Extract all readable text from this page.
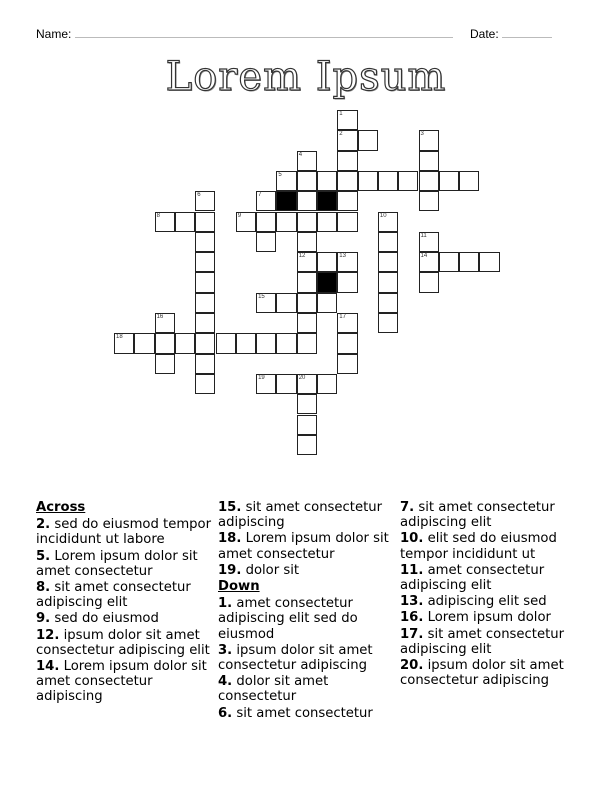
Name:	Date:
Lorem Ipsum
1
2	3
4
5
6	7
8	9	10
11
12	13	14
15
16	17
18
19	20
Across
2. sed do eiusmod tempor incididunt ut labore
5. Lorem ipsum dolor sit amet consectetur
8. sit amet consectetur adipiscing elit
9. sed do eiusmod
12. ipsum dolor sit amet consectetur adipiscing elit
14. Lorem ipsum dolor sit amet consectetur adipiscing
15. sit amet consectetur adipiscing
18. Lorem ipsum dolor sit amet consectetur
19. dolor sit
Down
1. amet consectetur adipiscing elit sed do eiusmod
3. ipsum dolor sit amet consectetur adipiscing
4. dolor sit amet consectetur
6. sit amet consectetur
7. sit amet consectetur adipiscing elit
10. elit sed do eiusmod tempor incididunt ut
11. amet consectetur adipiscing elit
13. adipiscing elit sed
16. Lorem ipsum dolor
17. sit amet consectetur adipiscing elit
20. ipsum dolor sit amet consectetur adipiscing
